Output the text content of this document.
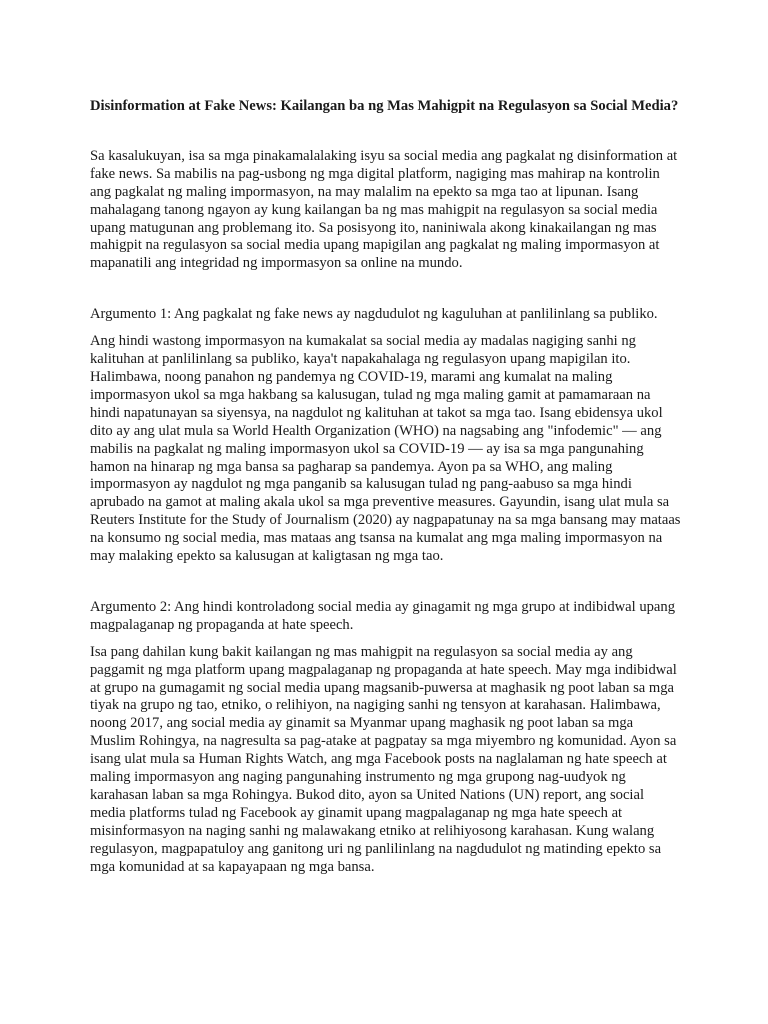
Disinformation at Fake News: Kailangan ba ng Mas Mahigpit na Regulasyon sa Social Media?

Sa kasalukuyan, isa sa mga pinakamalalaking isyu sa social media ang pagkalat ng disinformation at fake news. Sa mabilis na pag-usbong ng mga digital platform, nagiging mas mahirap na kontrolin ang pagkalat ng maling impormasyon, na may malalim na epekto sa mga tao at lipunan. Isang mahalagang tanong ngayon ay kung kailangan ba ng mas mahigpit na regulasyon sa social media upang matugunan ang problemang ito. Sa posisyong ito, naniniwala akong kinakailangan ng mas mahigpit na regulasyon sa social media upang mapigilan ang pagkalat ng maling impormasyon at mapanatili ang integridad ng impormasyon sa online na mundo.

Argumento 1: Ang pagkalat ng fake news ay nagdudulot ng kaguluhan at panlilinlang sa publiko.

Ang hindi wastong impormasyon na kumakalat sa social media ay madalas nagiging sanhi ng kalituhan at panlilinlang sa publiko, kaya't napakahalaga ng regulasyon upang mapigilan ito. Halimbawa, noong panahon ng pandemya ng COVID-19, marami ang kumalat na maling impormasyon ukol sa mga hakbang sa kalusugan, tulad ng mga maling gamit at pamamaraan na hindi napatunayan sa siyensya, na nagdulot ng kalituhan at takot sa mga tao. Isang ebidensya ukol dito ay ang ulat mula sa World Health Organization (WHO) na nagsabing ang "infodemic" — ang mabilis na pagkalat ng maling impormasyon ukol sa COVID-19 — ay isa sa mga pangunahing hamon na hinarap ng mga bansa sa pagharap sa pandemya. Ayon pa sa WHO, ang maling impormasyon ay nagdulot ng mga panganib sa kalusugan tulad ng pang-aabuso sa mga hindi aprubado na gamot at maling akala ukol sa mga preventive measures. Gayundin, isang ulat mula sa Reuters Institute for the Study of Journalism (2020) ay nagpapatunay na sa mga bansang may mataas na konsumo ng social media, mas mataas ang tsansa na kumalat ang mga maling impormasyon na may malaking epekto sa kalusugan at kaligtasan ng mga tao.

Argumento 2: Ang hindi kontroladong social media ay ginagamit ng mga grupo at indibidwal upang magpalaganap ng propaganda at hate speech.

Isa pang dahilan kung bakit kailangan ng mas mahigpit na regulasyon sa social media ay ang paggamit ng mga platform upang magpalaganap ng propaganda at hate speech. May mga indibidwal at grupo na gumagamit ng social media upang magsanib-puwersa at maghasik ng poot laban sa mga tiyak na grupo ng tao, etniko, o relihiyon, na nagiging sanhi ng tensyon at karahasan. Halimbawa, noong 2017, ang social media ay ginamit sa Myanmar upang maghasik ng poot laban sa mga Muslim Rohingya, na nagresulta sa pag-atake at pagpatay sa mga miyembro ng komunidad. Ayon sa isang ulat mula sa Human Rights Watch, ang mga Facebook posts na naglalaman ng hate speech at maling impormasyon ang naging pangunahing instrumento ng mga grupong nag-uudyok ng karahasan laban sa mga Rohingya. Bukod dito, ayon sa United Nations (UN) report, ang social media platforms tulad ng Facebook ay ginamit upang magpalaganap ng mga hate speech at misinformasyon na naging sanhi ng malawakang etniko at relihiyosong karahasan. Kung walang regulasyon, magpapatuloy ang ganitong uri ng panlilinlang na nagdudulot ng matinding epekto sa mga komunidad at sa kapayapaan ng mga bansa.
